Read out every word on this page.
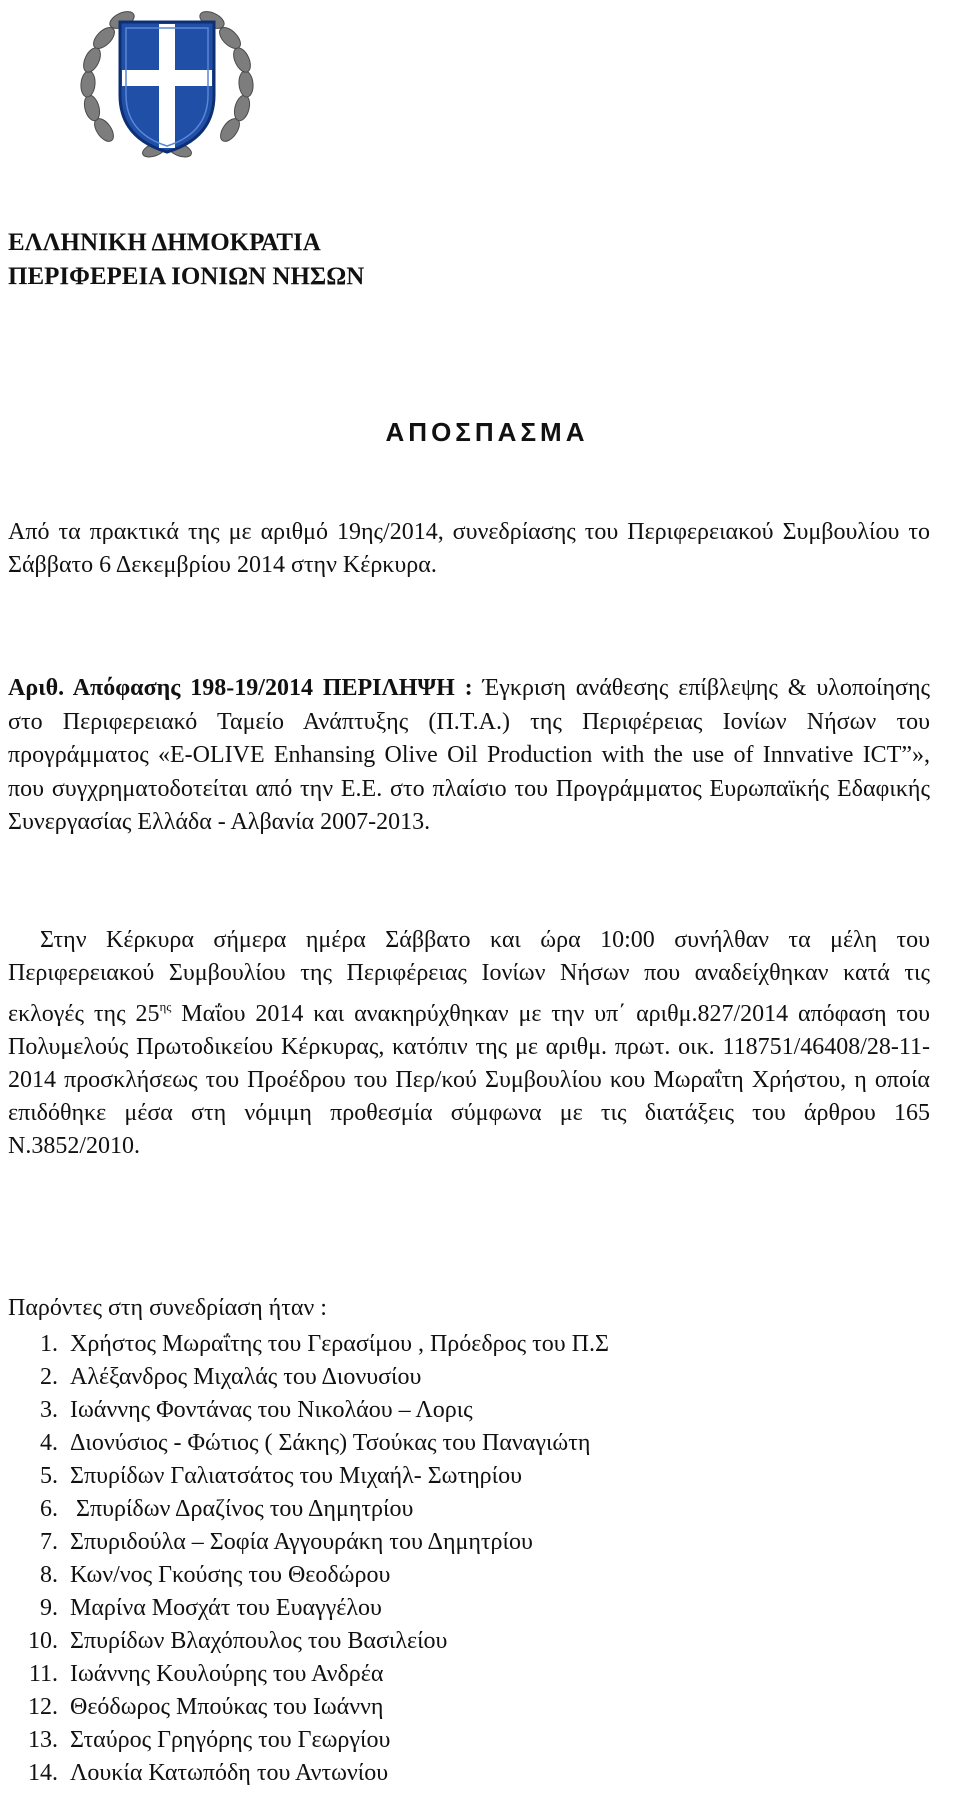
ΕΛΛΗΝΙΚΗ ΔΗΜΟΚΡΑΤΙΑ
ΠΕΡΙΦΕΡΕΙΑ ΙΟΝΙΩΝ ΝΗΣΩΝ
ΑΠΟΣΠΑΣΜΑ
Από τα πρακτικά της με αριθμό 19ης/2014, συνεδρίασης του Περιφερειακού Συμβουλίου το Σάββατο 6 Δεκεμβρίου 2014 στην Κέρκυρα.
Αριθ. Απόφασης 198-19/2014 ΠΕΡΙΛΗΨΗ : Έγκριση ανάθεσης επίβλεψης & υλοποίησης στο Περιφερειακό Ταμείο Ανάπτυξης (Π.Τ.Α.) της Περιφέρειας Ιονίων Νήσων του προγράμματος «E-OLIVE Enhansing Olive Oil Production with the use of Innvative ICT”», που συγχρηματοδοτείται από την Ε.Ε. στο πλαίσιο του Προγράμματος Ευρωπαϊκής Εδαφικής Συνεργασίας Ελλάδα - Αλβανία 2007-2013.
Στην Κέρκυρα σήμερα ημέρα Σάββατο και ώρα 10:00 συνήλθαν τα μέλη του Περιφερειακού Συμβουλίου της Περιφέρειας Ιονίων Νήσων που αναδείχθηκαν κατά τις εκλογές της $25^{\eta\varsigma}$ Μαΐου 2014 και ανακηρύχθηκαν με την υπ΄ αριθμ.827/2014 απόφαση του Πολυμελούς Πρωτοδικείου Κέρκυρας, κατόπιν της με αριθμ. πρωτ. οικ. 118751/46408/28-11-2014 προσκλήσεως του Προέδρου του Περ/κού Συμβουλίου κου Μωραΐτη Χρήστου, η οποία επιδόθηκε μέσα στη νόμιμη προθεσμία σύμφωνα με τις διατάξεις του άρθρου 165 Ν.3852/2010.
Παρόντες στη συνεδρίαση ήταν :
1. Χρήστος Μωραΐτης του Γερασίμου , Πρόεδρος του Π.Σ
2. Αλέξανδρος Μιχαλάς του Διονυσίου
3. Ιωάννης Φοντάνας του Νικολάου – Λορις
4. Διονύσιος - Φώτιος ( Σάκης) Τσούκας του Παναγιώτη
5. Σπυρίδων Γαλιατσάτος του Μιχαήλ- Σωτηρίου
6. Σπυρίδων Δραζίνος του Δημητρίου
7. Σπυριδούλα – Σοφία Αγγουράκη του Δημητρίου
8. Κων/νος Γκούσης του Θεοδώρου
9. Μαρίνα Μοσχάτ του Ευαγγέλου
10. Σπυρίδων Βλαχόπουλος του Βασιλείου
11. Ιωάννης Κουλούρης του Ανδρέα
12. Θεόδωρος Μπούκας του Ιωάννη
13. Σταύρος Γρηγόρης του Γεωργίου
14. Λουκία Κατωπόδη του Αντωνίου
